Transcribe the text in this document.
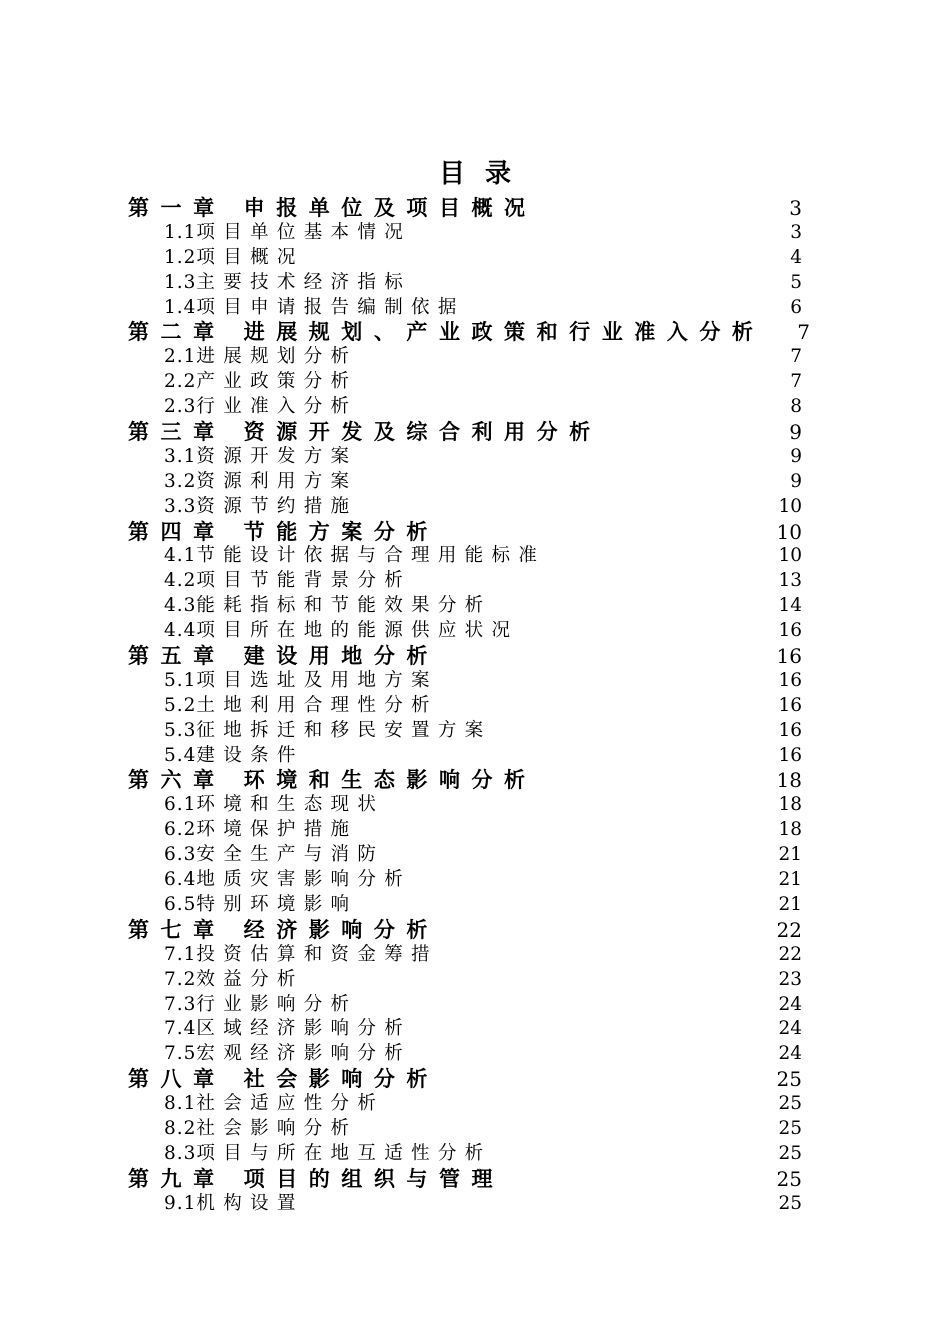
目录
第一章 申报单位及项目概况	3
1.1项目单位基本情况	3
1.2项目概况	4
1.3主要技术经济指标	5
1.4项目申请报告编制依据	6
第二章 进展规划、产业政策和行业准入分析 7
2.1进展规划分析	7
2.2产业政策分析	7
2.3行业准入分析	8
第三章 资源开发及综合利用分析	9
3.1资源开发方案	9
3.2资源利用方案	9
3.3资源节约措施	10
第四章 节能方案分析	10
4.1节能设计依据与合理用能标准	10
4.2项目节能背景分析	13
4.3能耗指标和节能效果分析	14
4.4项目所在地的能源供应状况	16
第五章 建设用地分析	16
5.1项目选址及用地方案	16
5.2土地利用合理性分析	16
5.3征地拆迁和移民安置方案	16
5.4建设条件	16
第六章 环境和生态影响分析	18
6.1环境和生态现状	18
6.2环境保护措施	18
6.3安全生产与消防	21
6.4地质灾害影响分析	21
6.5特别环境影响	21
第七章 经济影响分析	22
7.1投资估算和资金筹措	22
7.2效益分析	23
7.3行业影响分析	24
7.4区域经济影响分析	24
7.5宏观经济影响分析	24
第八章 社会影响分析	25
8.1社会适应性分析	25
8.2社会影响分析	25
8.3项目与所在地互适性分析	25
第九章 项目的组织与管理	25
9.1机构设置	25
